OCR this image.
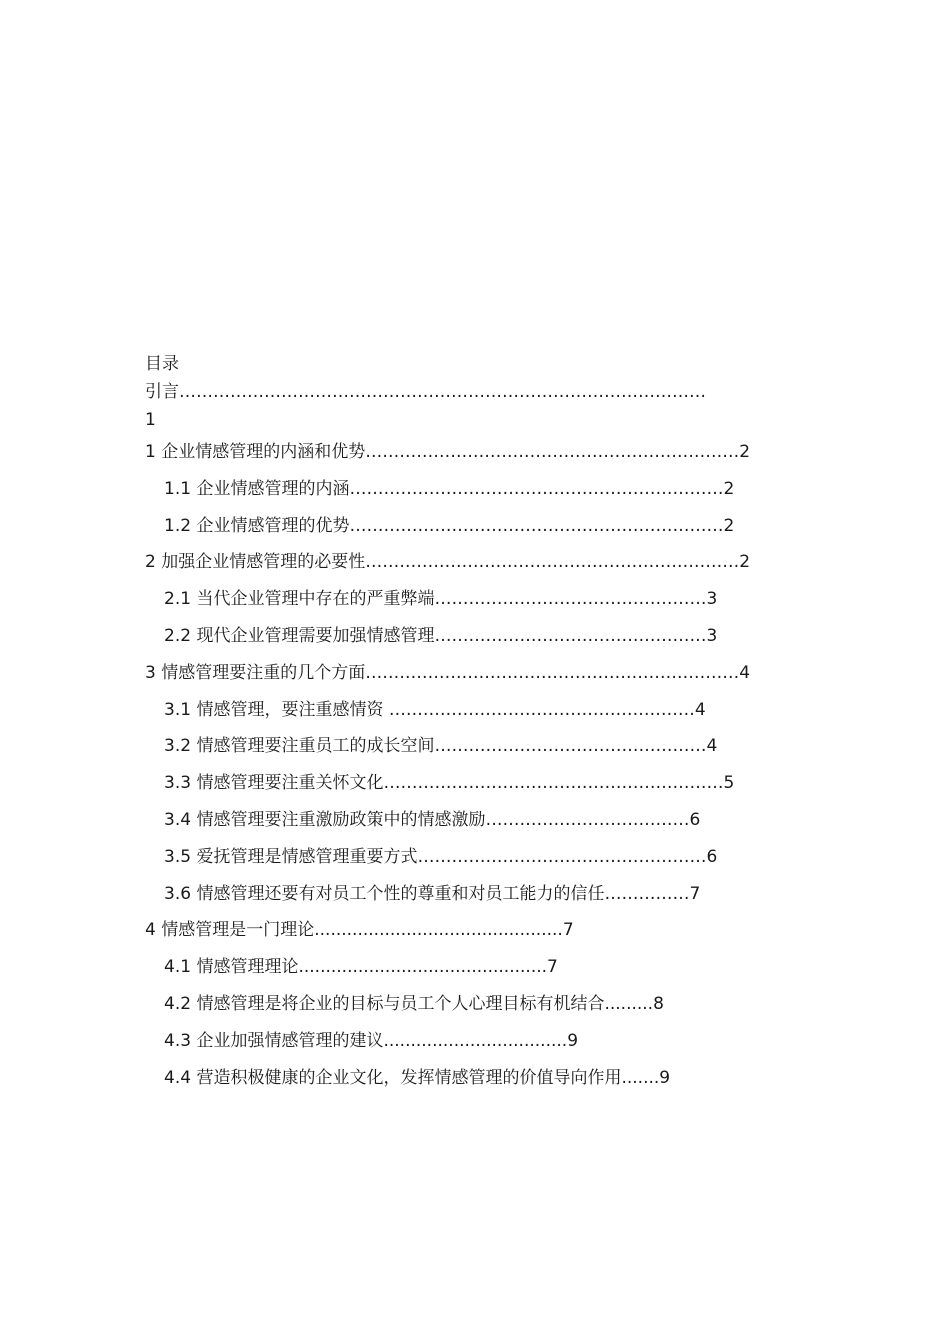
目录
引言…………………………………………………………………………………
1
1 企业情感管理的内涵和优势…………………………………………………………2
1.1 企业情感管理的内涵…………………………………………………………2
1.2 企业情感管理的优势…………………………………………………………2
2 加强企业情感管理的必要性…………………………………………………………2
2.1 当代企业管理中存在的严重弊端…………………………………………3
2.2 现代企业管理需要加强情感管理…………………………………………3
3 情感管理要注重的几个方面…………………………………………………………4
3.1 情感管理，要注重感情资 ………………………………………………4
3.2 情感管理要注重员工的成长空间…………………………………………4
3.3 情感管理要注重关怀文化……………………………………………………5
3.4 情感管理要注重激励政策中的情感激励………………………………6
3.5 爱抚管理是情感管理重要方式……………………………………………6
3.6 情感管理还要有对员工个性的尊重和对员工能力的信任……………7
4 情感管理是一门理论..............................................7
4.1 情感管理理论..............................................7
4.2 情感管理是将企业的目标与员工个人心理目标有机结合.........8
4.3 企业加强情感管理的建议..................................9
4.4 营造积极健康的企业文化，发挥情感管理的价值导向作用.......9
